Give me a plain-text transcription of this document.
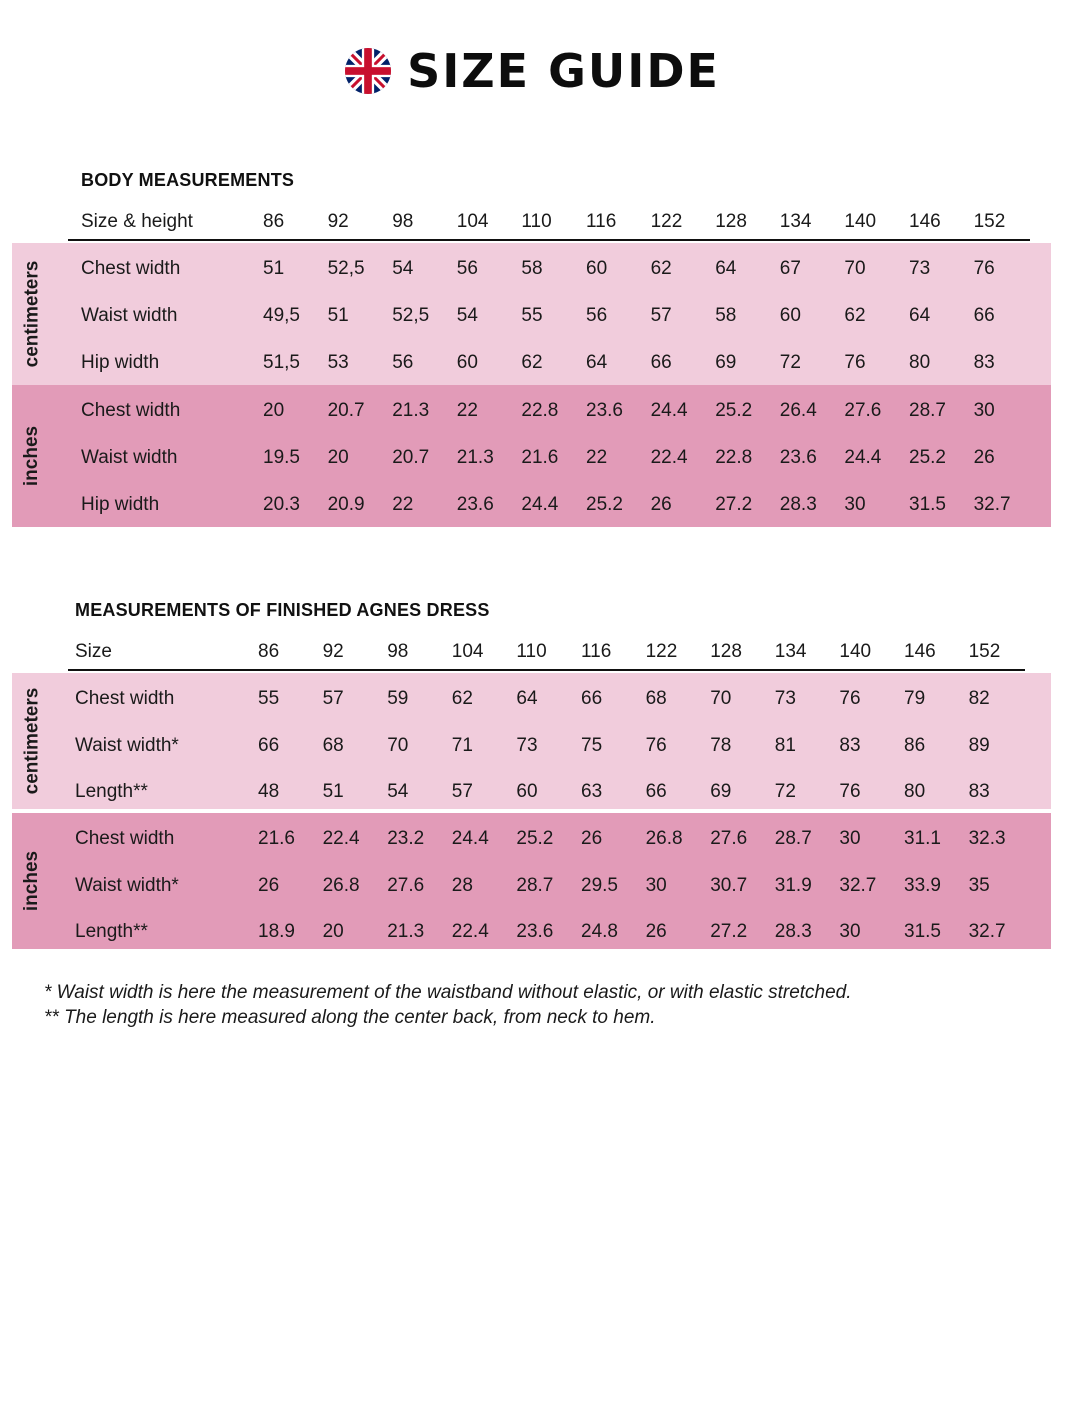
SIZE GUIDE
BODY MEASUREMENTS
Size & height	86 92 98 104 110 116 122 128 134 140 146 152
centimeters Chest width	51 52,5 54 56 58 60 62 64 67 70 73 76
Waist width	49,5 51 52,5 54 55 56 57 58 60 62 64 66
Hip width	51,5 53 56 60 62 64 66 69 72 76 80 83
inches
Chest width	20 20.7 21.3 22 22.8 23.6 24.4 25.2 26.4 27.6 28.7 30
Waist width	19.5 20 20.7 21.3 21.6 22 22.4 22.8 23.6 24.4 25.2 26
Hip width	20.3 20.9 22 23.6 24.4 25.2 26 27.2 28.3 30 31.5 32.7
MEASUREMENTS OF FINISHED AGNES DRESS
Size	86 92 98 104 110 116 122 128 134 140 146 152
centimeters Chest width	55 57 59 62 64 66 68 70 73 76 79 82
Waist width*	66 68 70 71 73 75 76 78 81 83 86 89
Length**	48 51 54 57 60 63 66 69 72 76 80 83
inches
Chest width	21.6 22.4 23.2 24.4 25.2 26 26.8 27.6 28.7 30 31.1 32.3
Waist width*	26 26.8 27.6 28 28.7 29.5 30 30.7 31.9 32.7 33.9 35
Length**	18.9 20 21.3 22.4 23.6 24.8 26 27.2 28.3 30 31.5 32.7
* Waist width is here the measurement of the waistband without elastic, or with elastic stretched.
** The length is here measured along the center back, from neck to hem.
